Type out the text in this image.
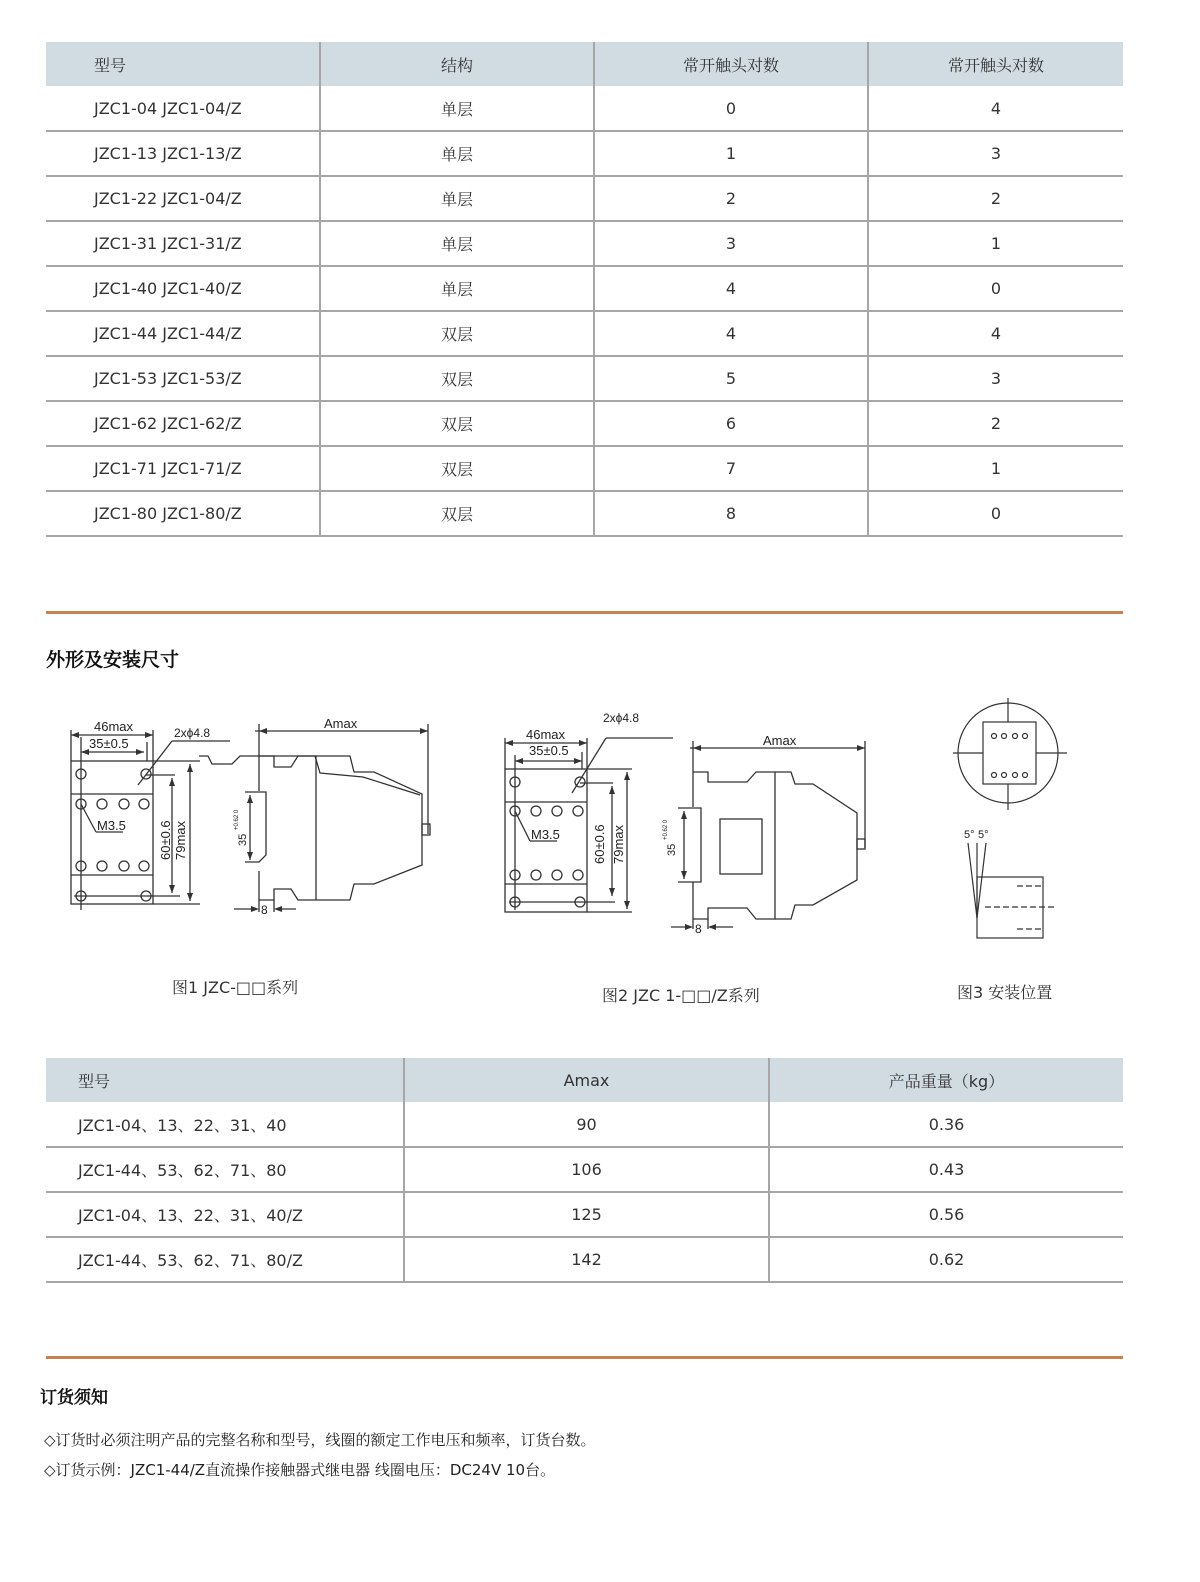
型号	结构	常开触头对数	常开触头对数
JZC1-04 JZC1-04/Z	单层	0	4
JZC1-13 JZC1-13/Z	单层	1	3
JZC1-22 JZC1-04/Z	单层	2	2
JZC1-31 JZC1-31/Z	单层	3	1
JZC1-40 JZC1-40/Z	单层	4	0
JZC1-44 JZC1-44/Z	双层	4	4
JZC1-53 JZC1-53/Z	双层	5	3
JZC1-62 JZC1-62/Z	双层	6	2
JZC1-71 JZC1-71/Z	双层	7	1
JZC1-80 JZC1-80/Z	双层	8	0
外形及安装尺寸
46max
35±0.5
2xϕ4.8
M3.5 60±0.6 79max
Amax
35
+0.62 0
8
46max
35±0.5
2xϕ4.8
M3.5 60±0.6 79max
Amax
35
+0.62 0
8
5° 5°
图1 JZC-□□系列	图2 JZC 1-□□/Z系列	图3 安装位置
型号	Amax	产品重量（kg）
JZC1-04、13、22、31、40	90	0.36
JZC1-44、53、62、71、80	106	0.43
JZC1-04、13、22、31、40/Z	125	0.56
JZC1-44、53、62、71、80/Z	142	0.62
订货须知
◇订货时必须注明产品的完整名称和型号，线圈的额定工作电压和频率，订货台数。
◇订货示例：JZC1-44/Z直流操作接触器式继电器 线圈电压：DC24V 10台。
